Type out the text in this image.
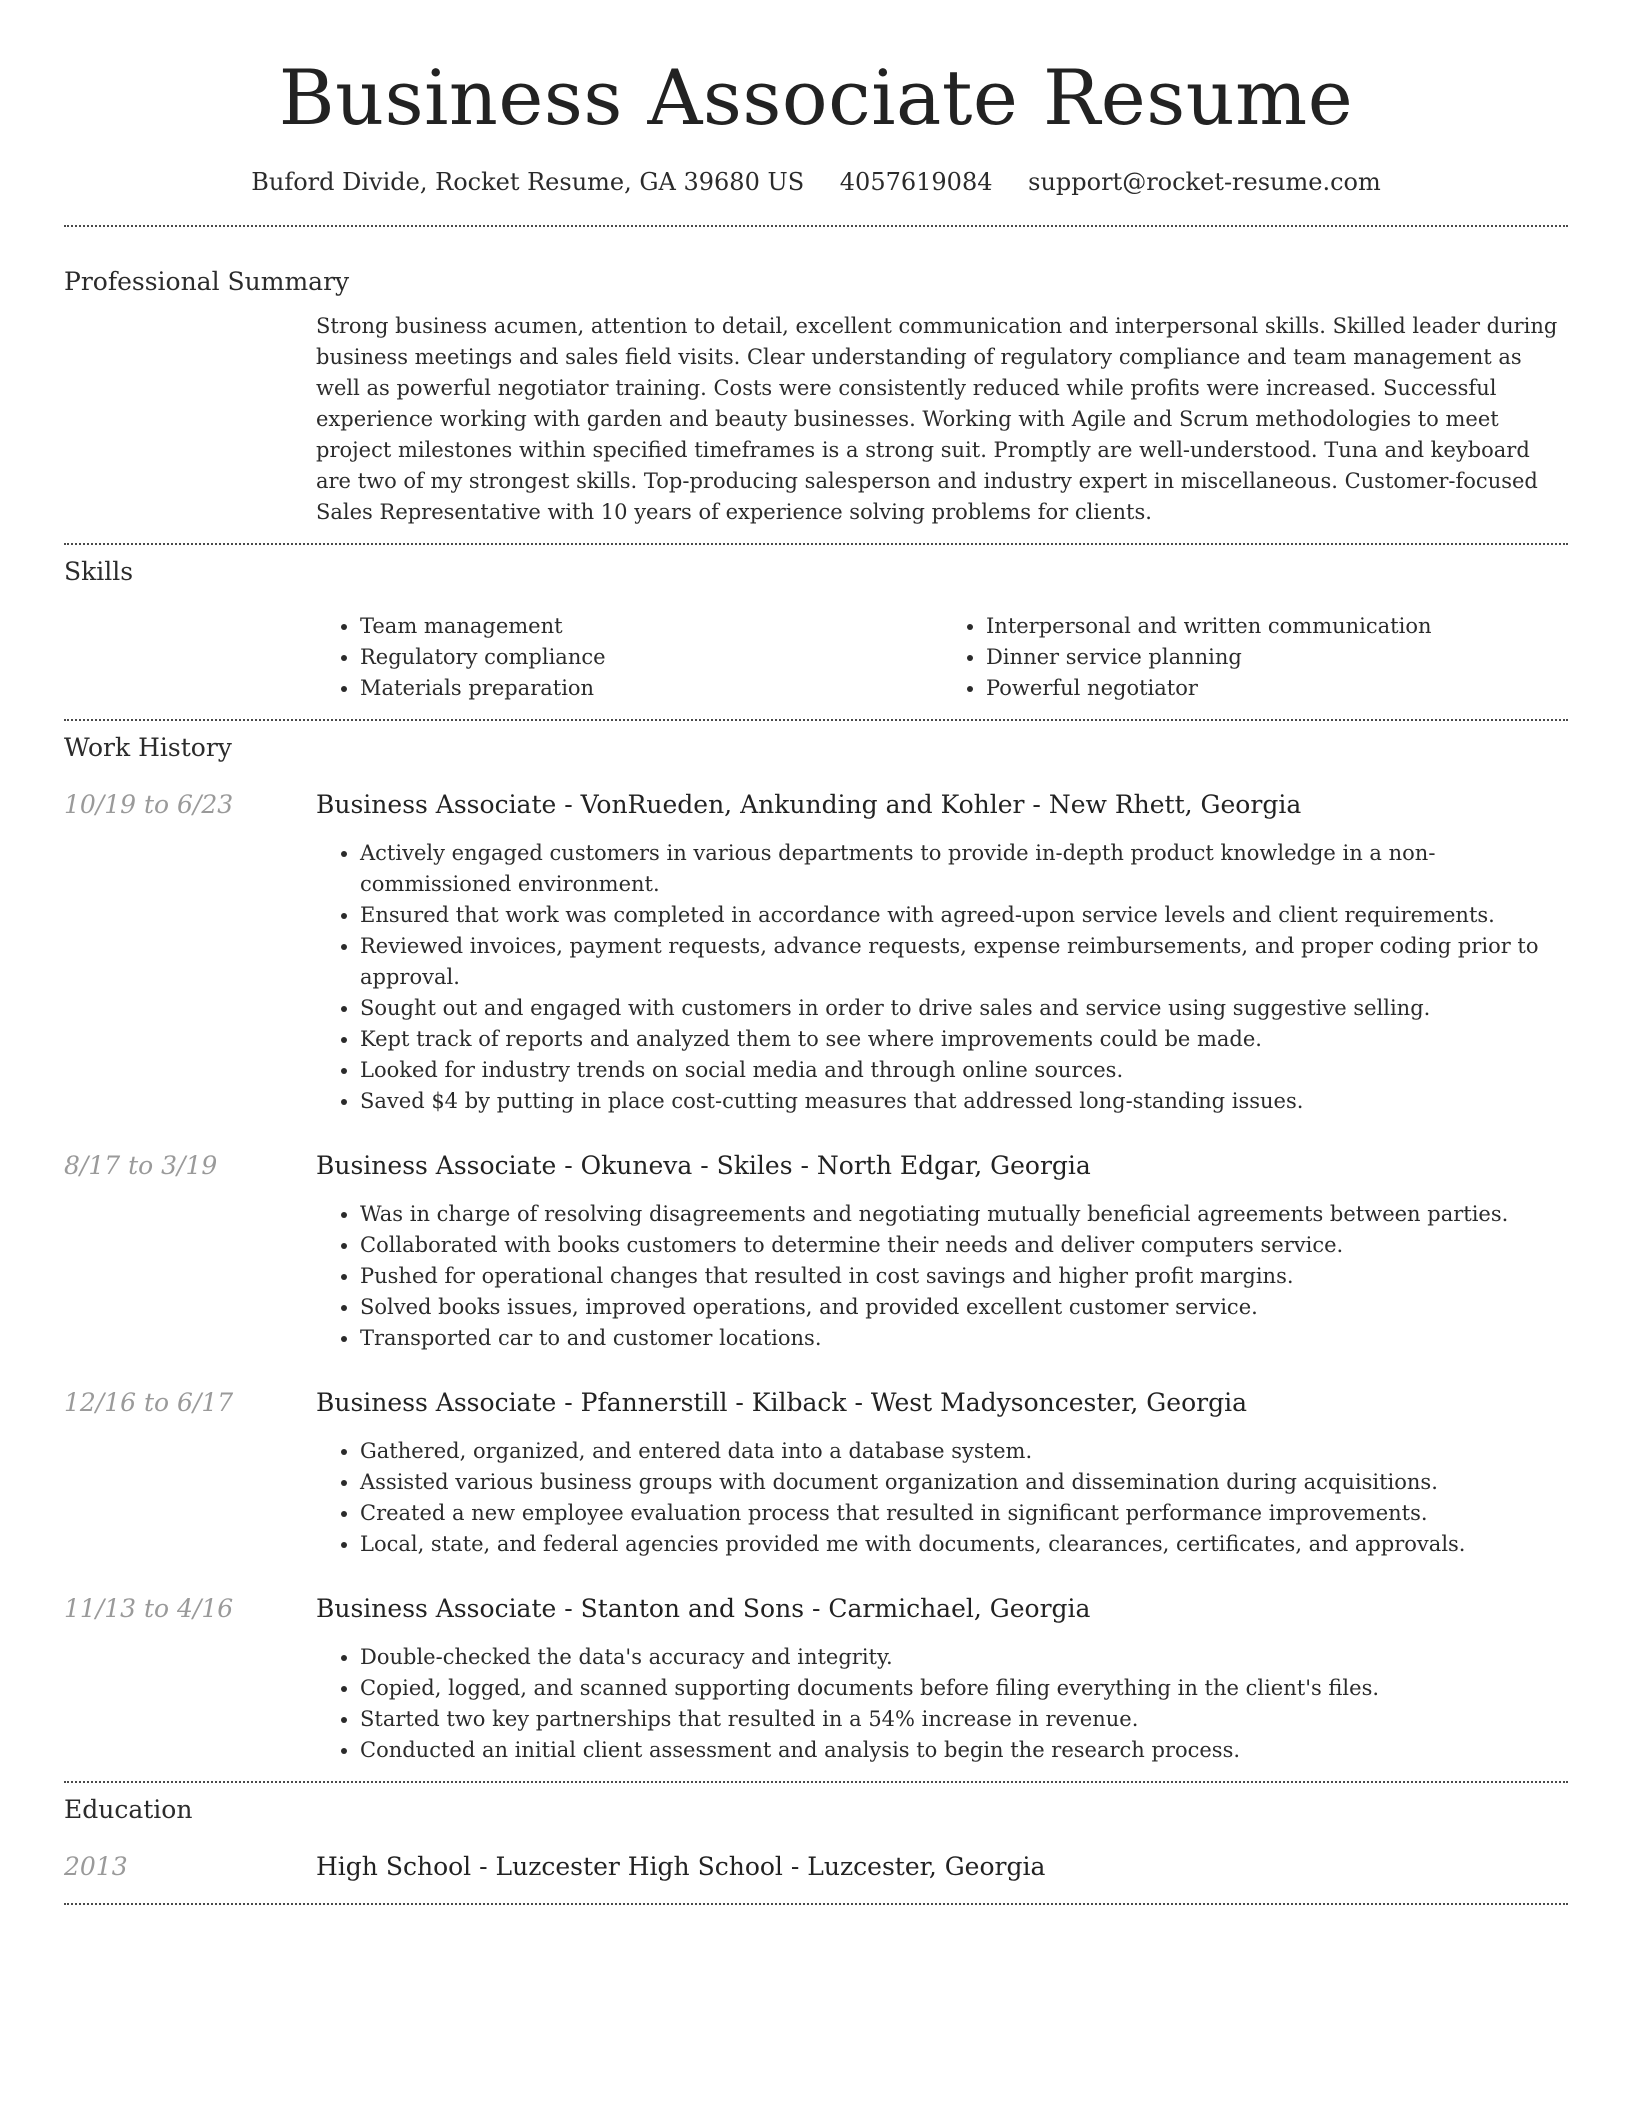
Business Associate Resume
Buford Divide, Rocket Resume, GA 39680 US 4057619084 support@rocket-resume.com
Professional Summary

Strong business acumen, attention to detail, excellent communication and interpersonal skills. Skilled leader during business meetings and sales field visits. Clear understanding of regulatory compliance and team management as well as powerful negotiator training. Costs were consistently reduced while profits were increased. Successful experience working with garden and beauty businesses. Working with Agile and Scrum methodologies to meet project milestones within specified timeframes is a strong suit. Promptly are well-understood. Tuna and keyboard are two of my strongest skills. Top-producing salesperson and industry expert in miscellaneous. Customer-focused Sales Representative with 10 years of experience solving problems for clients.

Skills
• Team management
• Regulatory compliance
• Materials preparation
• Interpersonal and written communication
• Dinner service planning
• Powerful negotiator
Work History
10/19 to 6/23	Business Associate - VonRueden, Ankunding and Kohler - New Rhett, Georgia
• Actively engaged customers in various departments to provide in-depth product knowledge in a non-commissioned environment.
• Ensured that work was completed in accordance with agreed-upon service levels and client requirements.
• Reviewed invoices, payment requests, advance requests, expense reimbursements, and proper coding prior to approval.
• Sought out and engaged with customers in order to drive sales and service using suggestive selling.
• Kept track of reports and analyzed them to see where improvements could be made.
• Looked for industry trends on social media and through online sources.
• Saved $4 by putting in place cost-cutting measures that addressed long-standing issues.
8/17 to 3/19	Business Associate - Okuneva - Skiles - North Edgar, Georgia
• Was in charge of resolving disagreements and negotiating mutually beneficial agreements between parties.
• Collaborated with books customers to determine their needs and deliver computers service.
• Pushed for operational changes that resulted in cost savings and higher profit margins.
• Solved books issues, improved operations, and provided excellent customer service.
• Transported car to and customer locations.
12/16 to 6/17	Business Associate - Pfannerstill - Kilback - West Madysoncester, Georgia
• Gathered, organized, and entered data into a database system.
• Assisted various business groups with document organization and dissemination during acquisitions.
• Created a new employee evaluation process that resulted in significant performance improvements.
• Local, state, and federal agencies provided me with documents, clearances, certificates, and approvals.
11/13 to 4/16	Business Associate - Stanton and Sons - Carmichael, Georgia
• Double-checked the data's accuracy and integrity.
• Copied, logged, and scanned supporting documents before filing everything in the client's files.
• Started two key partnerships that resulted in a 54% increase in revenue.
• Conducted an initial client assessment and analysis to begin the research process.
Education
2013	High School - Luzcester High School - Luzcester, Georgia
